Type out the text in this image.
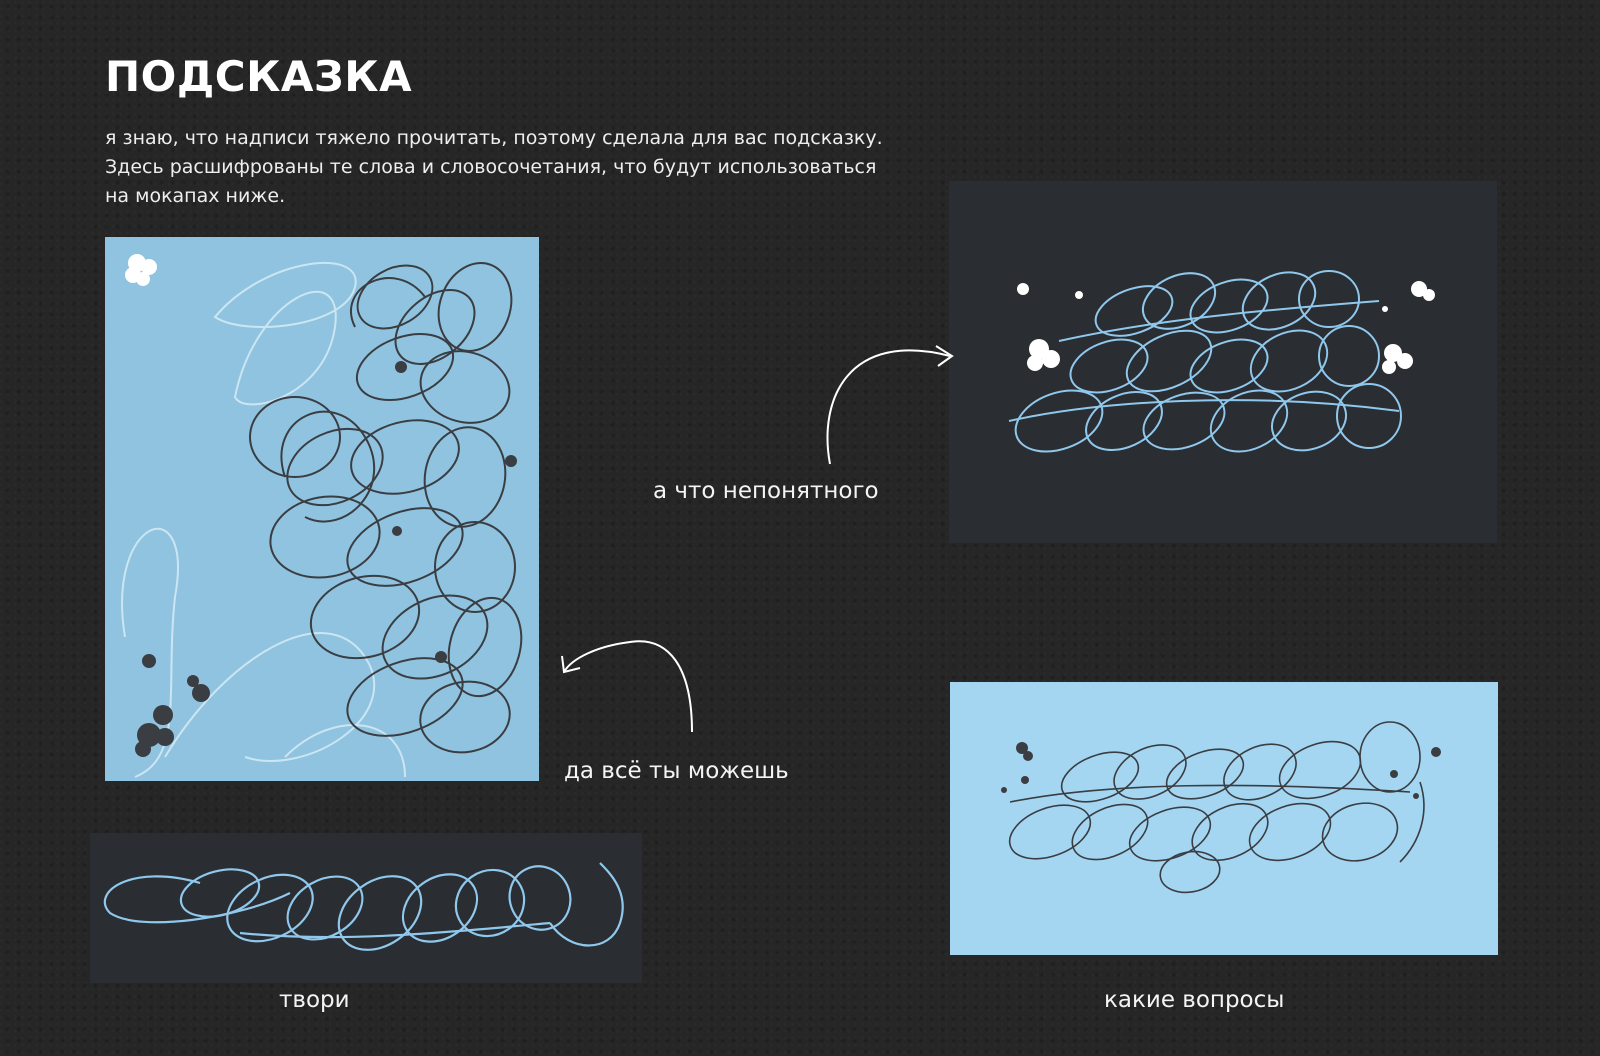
ПОДСКАЗКА
я знаю, что надписи тяжело прочитать, поэтому сделала для вас подсказку.
Здесь расшифрованы те слова и словосочетания, что будут использоваться
на мокапах ниже.

а что непонятного

да всё ты можешь

твори	какие вопросы
